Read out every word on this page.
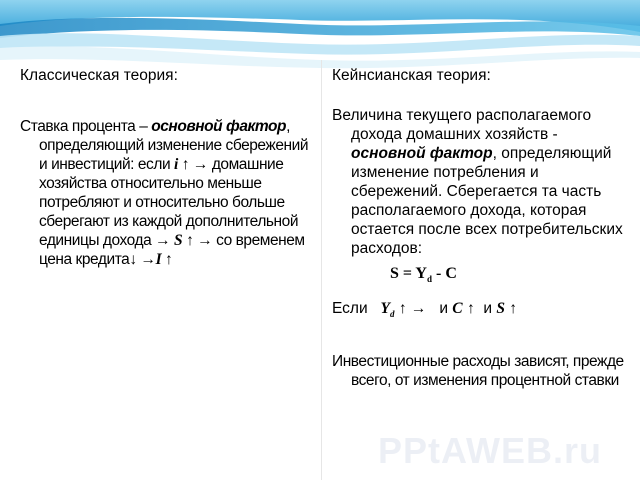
Классическая теория:

Ставка процента – основной фактор, определяющий изменение сбережений и инвестиций: если i ↑ → домашние хозяйства относительно меньше потребляют и относительно больше сберегают из каждой дополнительной единицы дохода → S ↑ → со временем цена кредита↓ →I ↑

Кейнсианская теория:

Величина текущего располагаемого дохода домашних хозяйств - основной фактор, определяющий изменение потребления и сбережений. Сберегается та часть располагаемого дохода, которая остается после всех потребительских расходов:

$S = Y_d - C$

Если $Y_d$ ↑ → и C ↑ и S ↑

Инвестиционные расходы зависят, прежде всего, от изменения процентной ставки

PPtAWEB.ru
